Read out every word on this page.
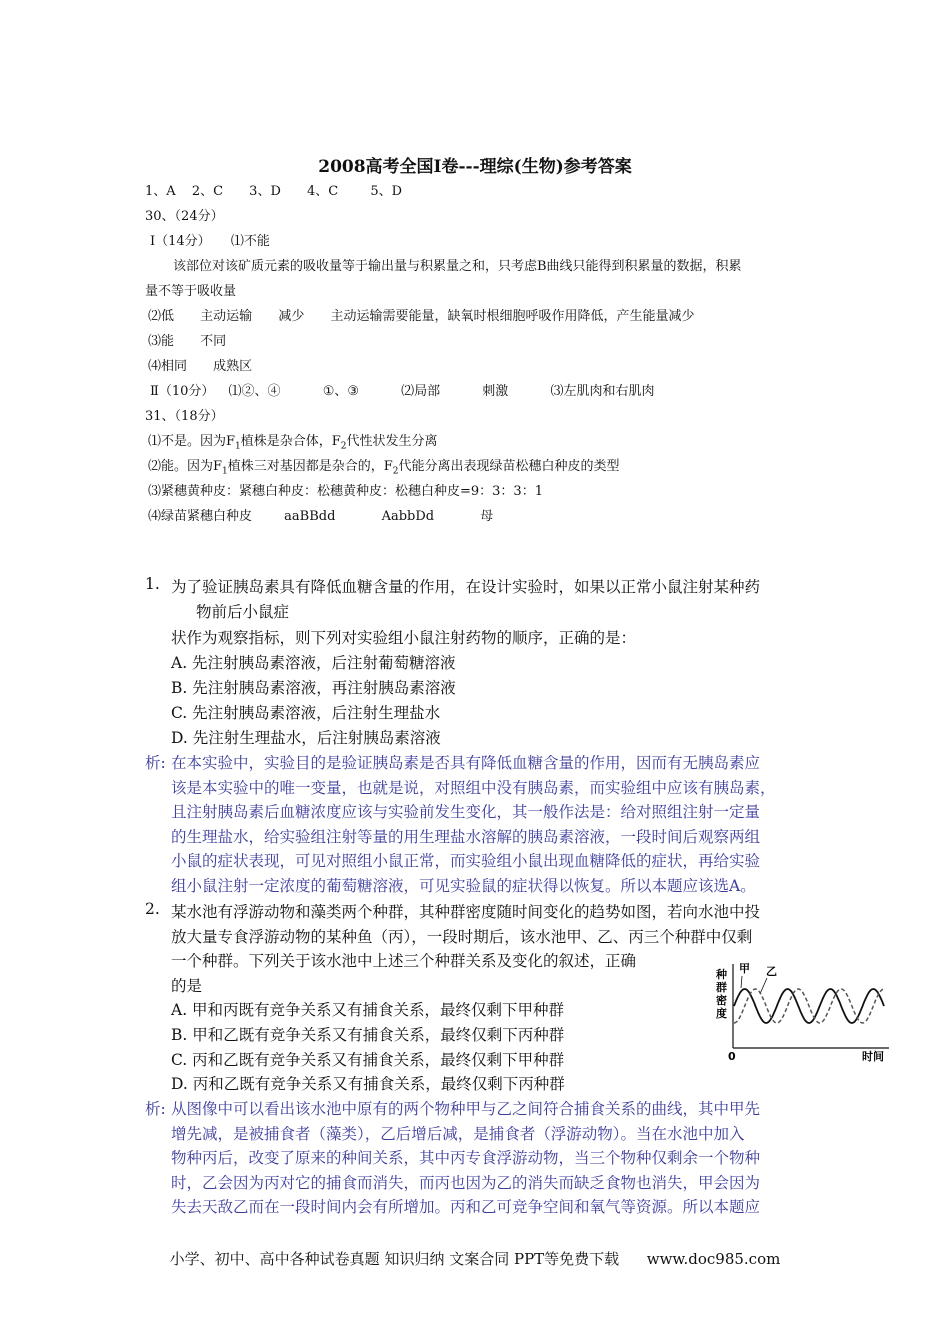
2008高考全国Ⅰ卷---理综(生物)参考答案
1、A 2、C 3、D 4、C 5、D
30、（24分）
Ⅰ（14分） ⑴不能
该部位对该矿质元素的吸收量等于输出量与积累量之和，只考虑B曲线只能得到积累量的数据，积累
量不等于吸收量
⑵低 主动运输 减少 主动运输需要能量，缺氧时根细胞呼吸作用降低，产生能量减少
⑶能 不同
⑷相同 成熟区
Ⅱ（10分） ⑴②、④	①、③	⑵局部	刺激	⑶左肌肉和右肌肉
31、（18分）
⑴不是。因为$F_1$植株是杂合体，$F_2$代性状发生分离
⑵能。因为$F_1$植株三对基因都是杂合的，$F_2$代能分离出表现绿苗松穗白种皮的类型
⑶紧穗黄种皮：紧穗白种皮：松穗黄种皮：松穗白种皮=9：3：3：1
⑷绿苗紧穗白种皮 aaBBdd	AabbDd	母
1. 为了验证胰岛素具有降低血糖含量的作用，在设计实验时，如果以正常小鼠注射某种药
物前后小鼠症
状作为观察指标，则下列对实验组小鼠注射药物的顺序，正确的是：
A. 先注射胰岛素溶液，后注射葡萄糖溶液
B. 先注射胰岛素溶液，再注射胰岛素溶液
C. 先注射胰岛素溶液，后注射生理盐水
D. 先注射生理盐水，后注射胰岛素溶液
析: 在本实验中，实验目的是验证胰岛素是否具有降低血糖含量的作用，因而有无胰岛素应
该是本实验中的唯一变量，也就是说，对照组中没有胰岛素，而实验组中应该有胰岛素，
且注射胰岛素后血糖浓度应该与实验前发生变化，其一般作法是：给对照组注射一定量
的生理盐水，给实验组注射等量的用生理盐水溶解的胰岛素溶液，一段时间后观察两组
小鼠的症状表现，可见对照组小鼠正常，而实验组小鼠出现血糖降低的症状，再给实验
组小鼠注射一定浓度的葡萄糖溶液，可见实验鼠的症状得以恢复。所以本题应该选A。
2. 某水池有浮游动物和藻类两个种群，其种群密度随时间变化的趋势如图，若向水池中投
放大量专食浮游动物的某种鱼（丙），一段时期后，该水池甲、乙、丙三个种群中仅剩
一个种群。下列关于该水池中上述三个种群关系及变化的叙述，正确
的是
A. 甲和丙既有竞争关系又有捕食关系，最终仅剩下甲种群
B. 甲和乙既有竞争关系又有捕食关系，最终仅剩下丙种群
C. 丙和乙既有竞争关系又有捕食关系，最终仅剩下甲种群
D. 丙和乙既有竞争关系又有捕食关系，最终仅剩下丙种群
种 群 密 度
0	时间
甲 乙
析: 从图像中可以看出该水池中原有的两个物种甲与乙之间符合捕食关系的曲线，其中甲先
增先减，是被捕食者（藻类），乙后增后减，是捕食者（浮游动物）。当在水池中加入
物种丙后，改变了原来的种间关系，其中丙专食浮游动物，当三个物种仅剩余一个物种
时，乙会因为丙对它的捕食而消失，而丙也因为乙的消失而缺乏食物也消失，甲会因为
失去天敌乙而在一段时间内会有所增加。丙和乙可竞争空间和氧气等资源。所以本题应
小学、初中、高中各种试卷真题 知识归纳 文案合同 PPT等免费下载 www.doc985.com
